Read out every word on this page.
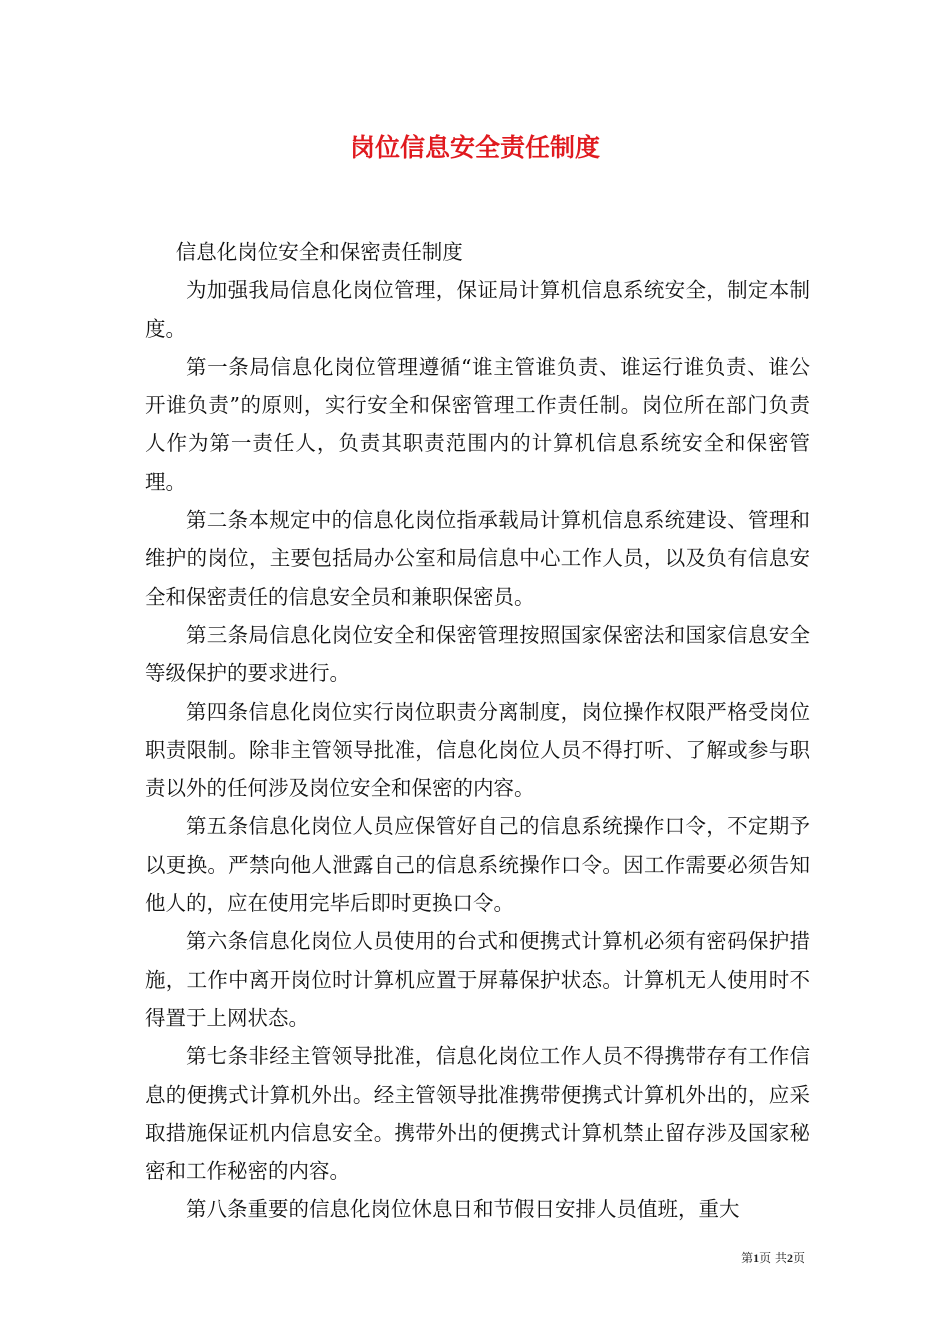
岗位信息安全责任制度

信息化岗位安全和保密责任制度

为加强我局信息化岗位管理，保证局计算机信息系统安全，制定本制度。

第一条局信息化岗位管理遵循“谁主管谁负责、谁运行谁负责、谁公开谁负责”的原则，实行安全和保密管理工作责任制。岗位所在部门负责人作为第一责任人，负责其职责范围内的计算机信息系统安全和保密管理。

第二条本规定中的信息化岗位指承载局计算机信息系统建设、管理和维护的岗位，主要包括局办公室和局信息中心工作人员，以及负有信息安全和保密责任的信息安全员和兼职保密员。

第三条局信息化岗位安全和保密管理按照国家保密法和国家信息安全等级保护的要求进行。

第四条信息化岗位实行岗位职责分离制度，岗位操作权限严格受岗位职责限制。除非主管领导批准，信息化岗位人员不得打听、了解或参与职责以外的任何涉及岗位安全和保密的内容。

第五条信息化岗位人员应保管好自己的信息系统操作口令，不定期予以更换。严禁向他人泄露自己的信息系统操作口令。因工作需要必须告知他人的，应在使用完毕后即时更换口令。

第六条信息化岗位人员使用的台式和便携式计算机必须有密码保护措施，工作中离开岗位时计算机应置于屏幕保护状态。计算机无人使用时不得置于上网状态。

第七条非经主管领导批准，信息化岗位工作人员不得携带存有工作信息的便携式计算机外出。经主管领导批准携带便携式计算机外出的，应采取措施保证机内信息安全。携带外出的便携式计算机禁止留存涉及国家秘密和工作秘密的内容。

第八条重要的信息化岗位休息日和节假日安排人员值班，重大

第1页 共2页
